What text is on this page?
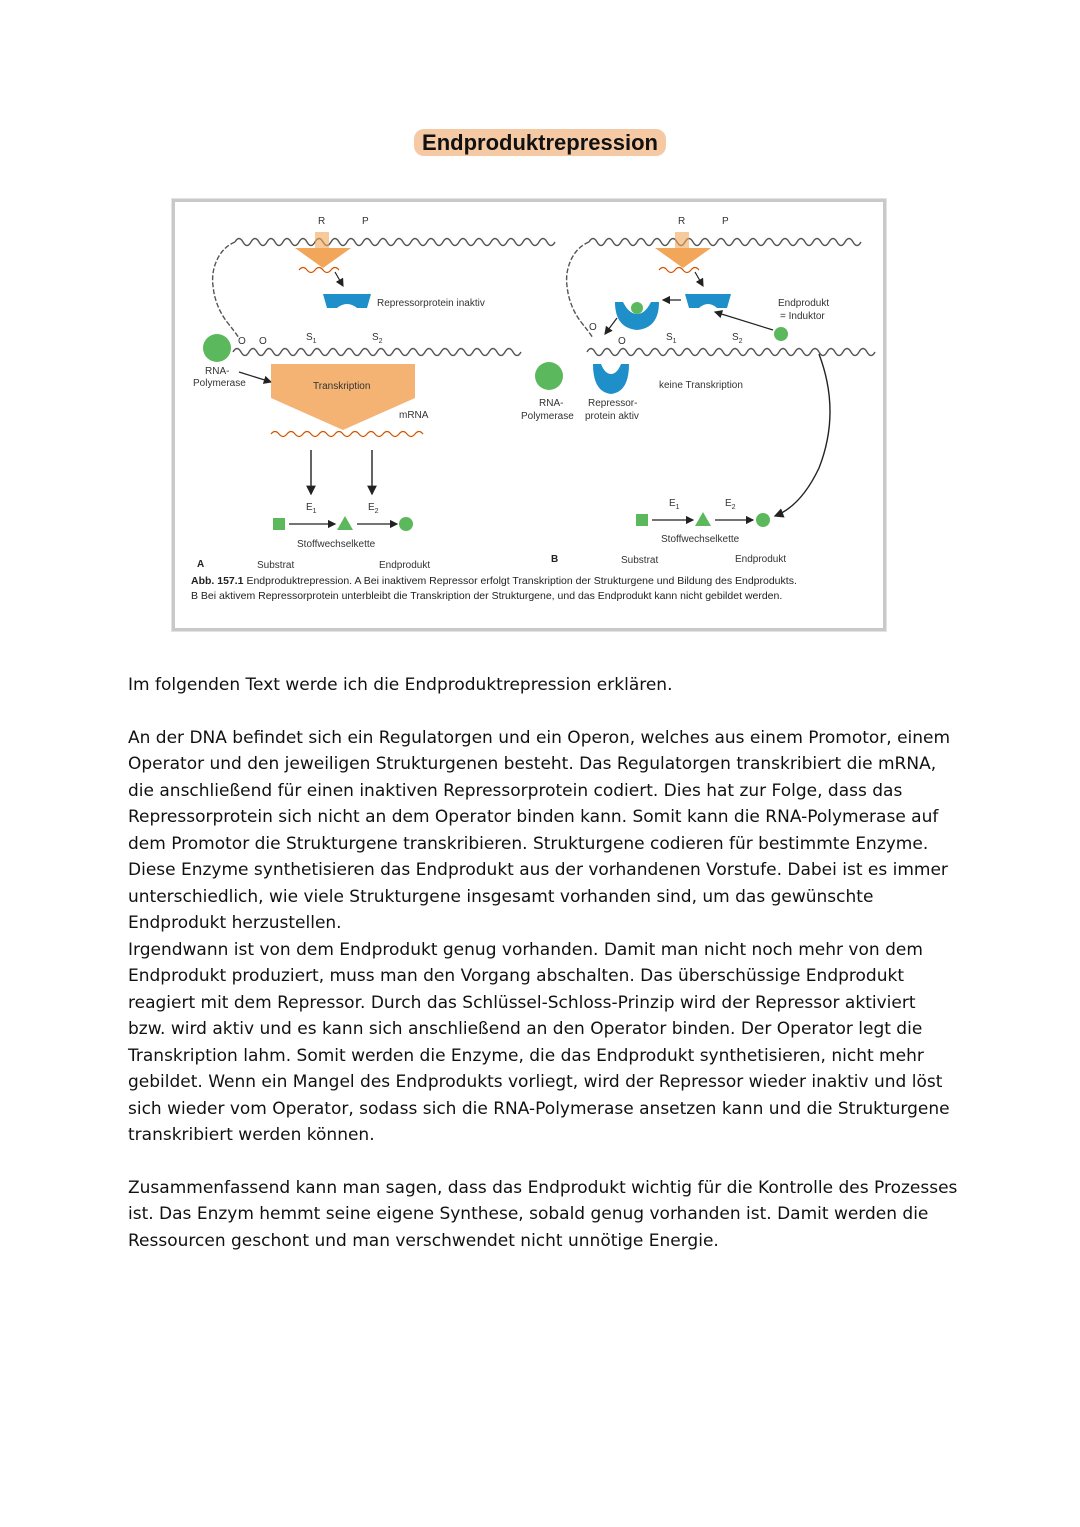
Endproduktrepression
R	P
Repressorprotein inaktiv
O O	$S_1$	$S_2$
RNA-
Polymerase	Transkription
mRNA
$E_1$	$E_2$
Stoffwechselkette
A	Substrat	Endprodukt
R	P
O
O
Endprodukt
= Induktor
$S_1$	$S_2$
RNA-
Polymerase
Repressor-
protein aktiv
keine Transkription
$E_1$	$E_2$
Stoffwechselkette
B	Substrat	Endprodukt
Abb. 157.1 Endproduktrepression. A Bei inaktivem Repressor erfolgt Transkription der Strukturgene und Bildung des Endprodukts.
B Bei aktivem Repressorprotein unterbleibt die Transkription der Strukturgene, und das Endprodukt kann nicht gebildet werden.

Im folgenden Text werde ich die Endproduktrepression erklären.

An der DNA befindet sich ein Regulatorgen und ein Operon, welches aus einem Promotor, einem Operator und den jeweiligen Strukturgenen besteht. Das Regulatorgen transkribiert die mRNA, die anschließend für einen inaktiven Repressorprotein codiert. Dies hat zur Folge, dass das Repressorprotein sich nicht an dem Operator binden kann. Somit kann die RNA-Polymerase auf dem Promotor die Strukturgene transkribieren. Strukturgene codieren für bestimmte Enzyme. Diese Enzyme synthetisieren das Endprodukt aus der vorhandenen Vorstufe. Dabei ist es immer unterschiedlich, wie viele Strukturgene insgesamt vorhanden sind, um das gewünschte Endprodukt herzustellen.

Irgendwann ist von dem Endprodukt genug vorhanden. Damit man nicht noch mehr von dem Endprodukt produziert, muss man den Vorgang abschalten. Das überschüssige Endprodukt reagiert mit dem Repressor. Durch das Schlüssel-Schloss-Prinzip wird der Repressor aktiviert bzw. wird aktiv und es kann sich anschließend an den Operator binden. Der Operator legt die Transkription lahm. Somit werden die Enzyme, die das Endprodukt synthetisieren, nicht mehr gebildet. Wenn ein Mangel des Endprodukts vorliegt, wird der Repressor wieder inaktiv und löst sich wieder vom Operator, sodass sich die RNA-Polymerase ansetzen kann und die Strukturgene transkribiert werden können.

Zusammenfassend kann man sagen, dass das Endprodukt wichtig für die Kontrolle des Prozesses ist. Das Enzym hemmt seine eigene Synthese, sobald genug vorhanden ist. Damit werden die Ressourcen geschont und man verschwendet nicht unnötige Energie.
